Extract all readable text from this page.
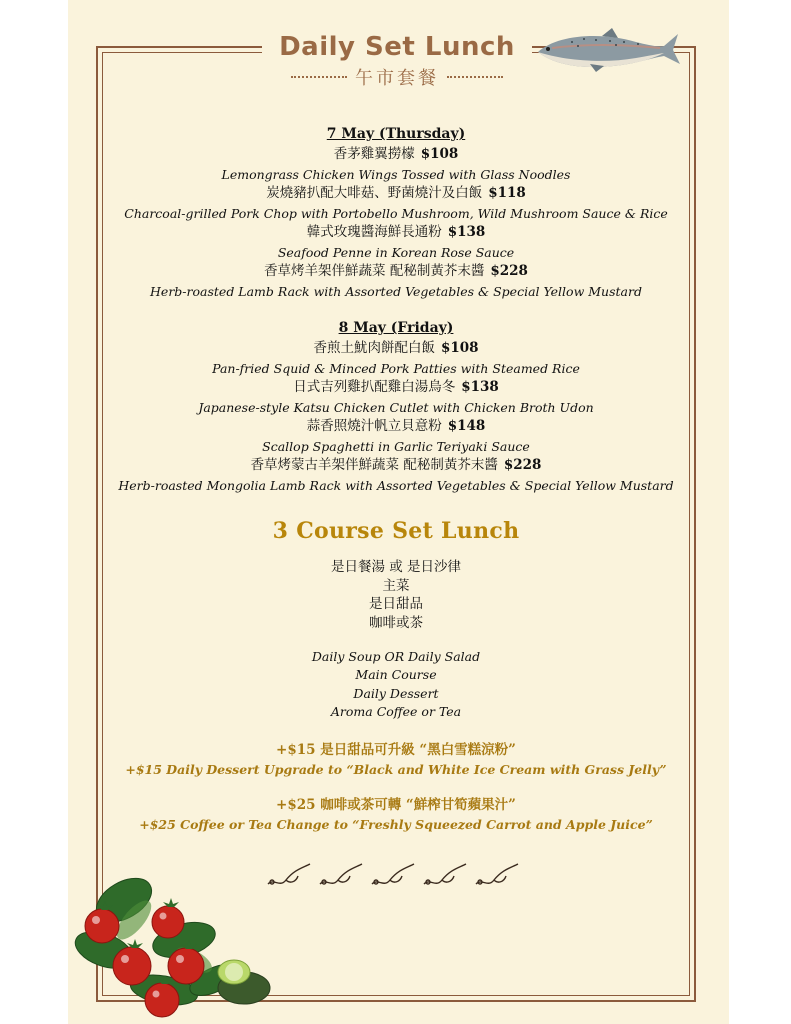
Daily Set Lunch
午市套餐
7 May (Thursday)
香茅雞翼撈檬 $108
Lemongrass Chicken Wings Tossed with Glass Noodles
炭燒豬扒配大啡菇、野菌燒汁及白飯 $118
Charcoal-grilled Pork Chop with Portobello Mushroom, Wild Mushroom Sauce & Rice
韓式玫瑰醬海鮮長通粉 $138
Seafood Penne in Korean Rose Sauce
香草烤羊架伴鮮蔬菜 配秘制黃芥末醬 $228
Herb-roasted Lamb Rack with Assorted Vegetables & Special Yellow Mustard
8 May (Friday)
香煎土魷肉餅配白飯 $108
Pan-fried Squid & Minced Pork Patties with Steamed Rice
日式吉列雞扒配雞白湯烏冬 $138
Japanese-style Katsu Chicken Cutlet with Chicken Broth Udon
蒜香照燒汁帆立貝意粉 $148
Scallop Spaghetti in Garlic Teriyaki Sauce
香草烤蒙古羊架伴鮮蔬菜 配秘制黃芥末醬 $228
Herb-roasted Mongolia Lamb Rack with Assorted Vegetables & Special Yellow Mustard
3 Course Set Lunch
是日餐湯 或 是日沙律
主菜
是日甜品
咖啡或茶
Daily Soup OR Daily Salad
Main Course
Daily Dessert
Aroma Coffee or Tea
+$15 是日甜品可升級 “黑白雪糕涼粉”
+$15 Daily Dessert Upgrade to “Black and White Ice Cream with Grass Jelly”
+$25 咖啡或茶可轉 “鮮榨甘筍蘋果汁”
+$25 Coffee or Tea Change to “Freshly Squeezed Carrot and Apple Juice”
